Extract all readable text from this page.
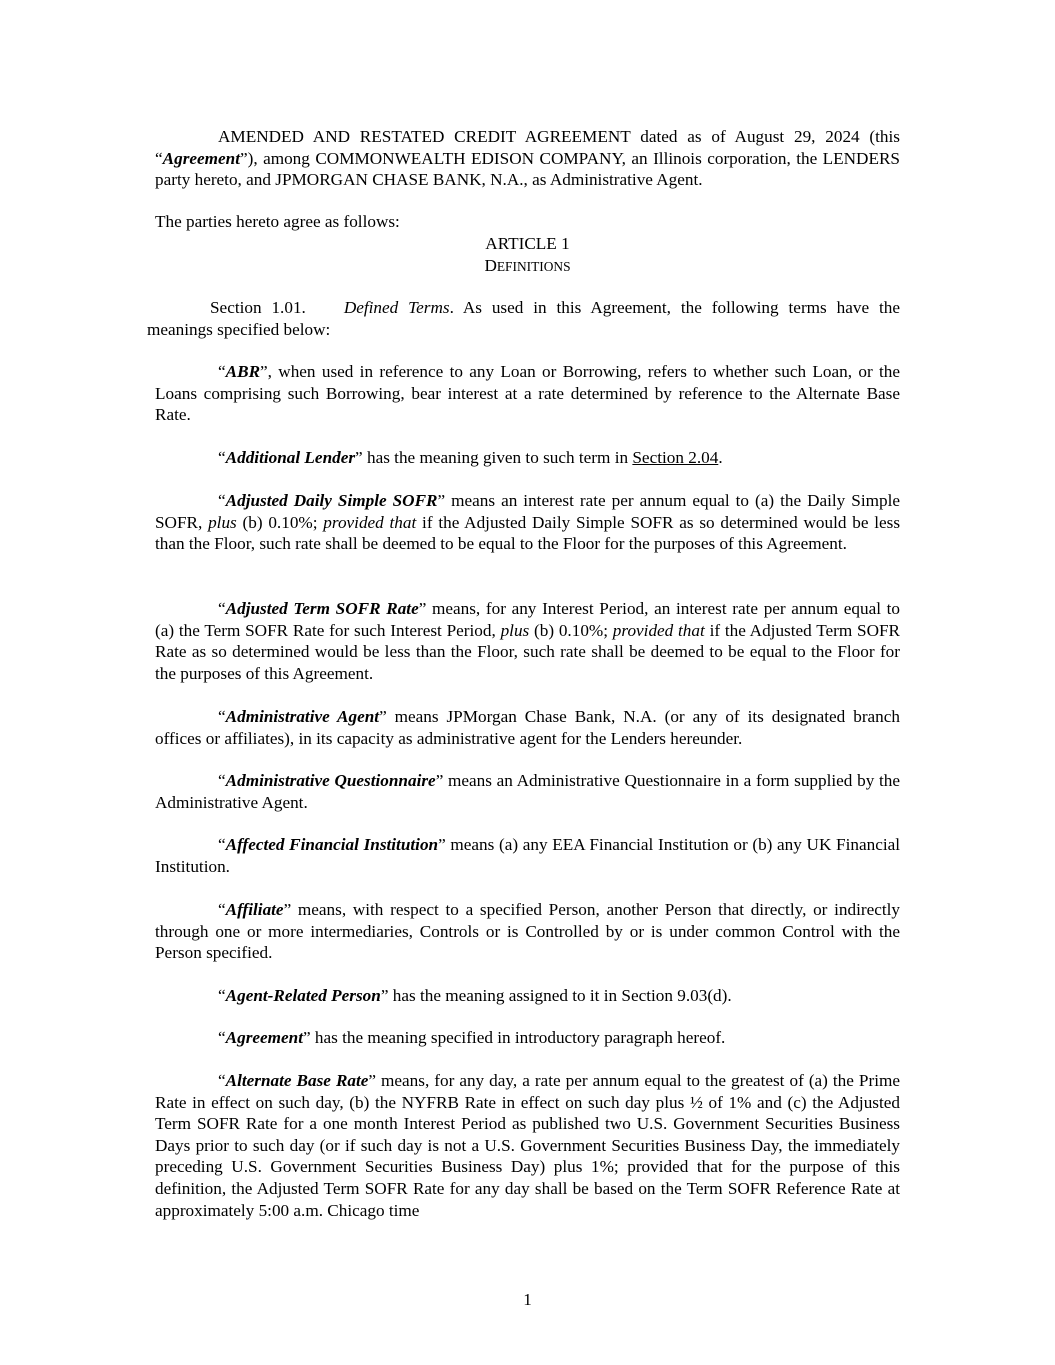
AMENDED AND RESTATED CREDIT AGREEMENT dated as of August 29, 2024 (this “Agreement”), among COMMONWEALTH EDISON COMPANY, an Illinois corporation, the LENDERS party hereto, and JPMORGAN CHASE BANK, N.A., as Administrative Agent.

The parties hereto agree as follows:

ARTICLE 1
DEFINITIONS

Section 1.01. Defined Terms. As used in this Agreement, the following terms have the meanings specified below:

“ABR”, when used in reference to any Loan or Borrowing, refers to whether such Loan, or the Loans comprising such Borrowing, bear interest at a rate determined by reference to the Alternate Base Rate.

“Additional Lender” has the meaning given to such term in Section 2.04.

“Adjusted Daily Simple SOFR” means an interest rate per annum equal to (a) the Daily Simple SOFR, plus (b) 0.10%; provided that if the Adjusted Daily Simple SOFR as so determined would be less than the Floor, such rate shall be deemed to be equal to the Floor for the purposes of this Agreement.

“Adjusted Term SOFR Rate” means, for any Interest Period, an interest rate per annum equal to (a) the Term SOFR Rate for such Interest Period, plus (b) 0.10%; provided that if the Adjusted Term SOFR Rate as so determined would be less than the Floor, such rate shall be deemed to be equal to the Floor for the purposes of this Agreement.

“Administrative Agent” means JPMorgan Chase Bank, N.A. (or any of its designated branch offices or affiliates), in its capacity as administrative agent for the Lenders hereunder.

“Administrative Questionnaire” means an Administrative Questionnaire in a form supplied by the Administrative Agent.

“Affected Financial Institution” means (a) any EEA Financial Institution or (b) any UK Financial Institution.

“Affiliate” means, with respect to a specified Person, another Person that directly, or indirectly through one or more intermediaries, Controls or is Controlled by or is under common Control with the Person specified.

“Agent-Related Person” has the meaning assigned to it in Section 9.03(d).

“Agreement” has the meaning specified in introductory paragraph hereof.

“Alternate Base Rate” means, for any day, a rate per annum equal to the greatest of (a) the Prime Rate in effect on such day, (b) the NYFRB Rate in effect on such day plus ½ of 1% and (c) the Adjusted Term SOFR Rate for a one month Interest Period as published two U.S. Government Securities Business Days prior to such day (or if such day is not a U.S. Government Securities Business Day, the immediately preceding U.S. Government Securities Business Day) plus 1%; provided that for the purpose of this definition, the Adjusted Term SOFR Rate for any day shall be based on the Term SOFR Reference Rate at approximately 5:00 a.m. Chicago time

1
